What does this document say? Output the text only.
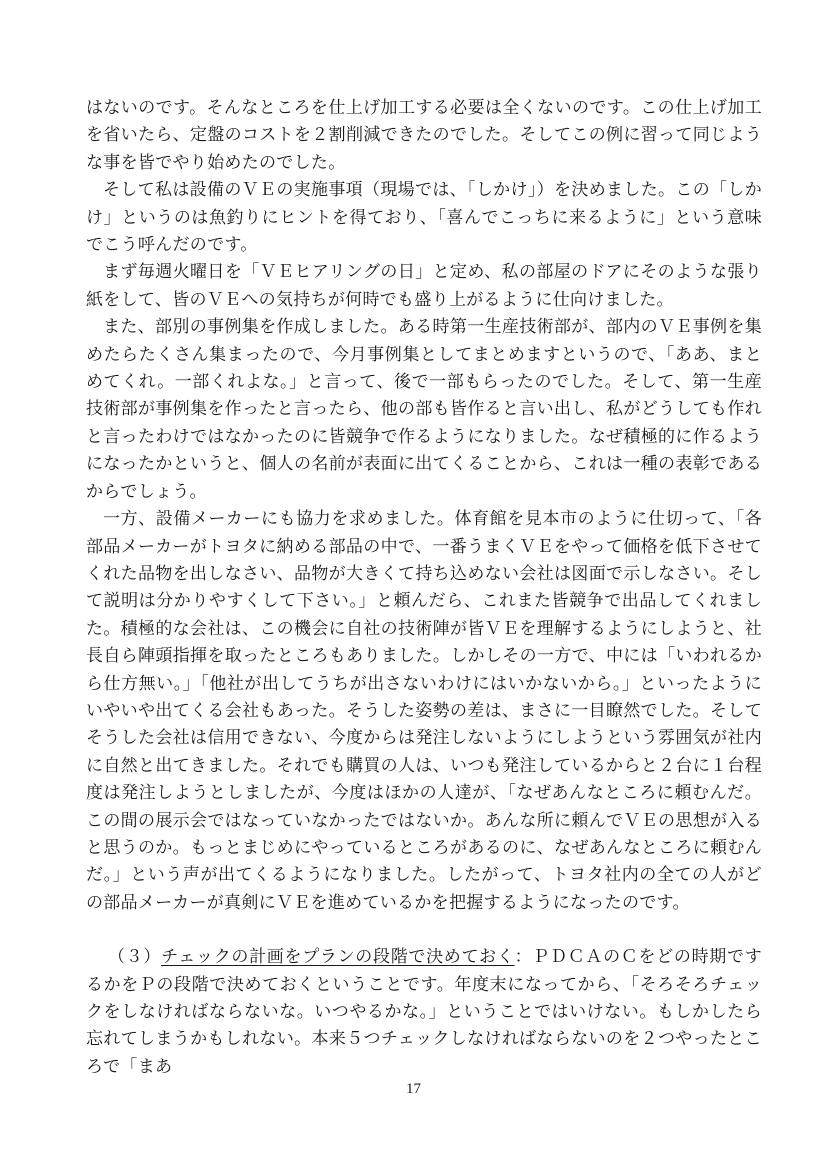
はないのです。そんなところを仕上げ加工する必要は全くないのです。この仕上げ加工を省いたら、定盤のコストを２割削減できたのでした。そしてこの例に習って同じような事を皆でやり始めたのでした。

そして私は設備のＶＥの実施事項（現場では、「しかけ」）を決めました。この「しかけ」というのは魚釣りにヒントを得ており、「喜んでこっちに来るように」という意味でこう呼んだのです。

まず毎週火曜日を「ＶＥヒアリングの日」と定め、私の部屋のドアにそのような張り紙をして、皆のＶＥへの気持ちが何時でも盛り上がるように仕向けました。

また、部別の事例集を作成しました。ある時第一生産技術部が、部内のＶＥ事例を集めたらたくさん集まったので、今月事例集としてまとめますというので、「ああ、まとめてくれ。一部くれよな。」と言って、後で一部もらったのでした。そして、第一生産技術部が事例集を作ったと言ったら、他の部も皆作ると言い出し、私がどうしても作れと言ったわけではなかったのに皆競争で作るようになりました。なぜ積極的に作るようになったかというと、個人の名前が表面に出てくることから、これは一種の表彰であるからでしょう。

一方、設備メーカーにも協力を求めました。体育館を見本市のように仕切って、「各部品メーカーがトヨタに納める部品の中で、一番うまくＶＥをやって価格を低下させてくれた品物を出しなさい、品物が大きくて持ち込めない会社は図面で示しなさい。そして説明は分かりやすくして下さい。」と頼んだら、これまた皆競争で出品してくれました。積極的な会社は、この機会に自社の技術陣が皆ＶＥを理解するようにしようと、社長自ら陣頭指揮を取ったところもありました。しかしその一方で、中には「いわれるから仕方無い。」「他社が出してうちが出さないわけにはいかないから。」といったようにいやいや出てくる会社もあった。そうした姿勢の差は、まさに一目瞭然でした。そしてそうした会社は信用できない、今度からは発注しないようにしようという雰囲気が社内に自然と出てきました。それでも購買の人は、いつも発注しているからと２台に１台程度は発注しようとしましたが、今度はほかの人達が、「なぜあんなところに頼むんだ。この間の展示会ではなっていなかったではないか。あんな所に頼んでＶＥの思想が入ると思うのか。もっとまじめにやっているところがあるのに、なぜあんなところに頼むんだ。」という声が出てくるようになりました。したがって、トヨタ社内の全ての人がどの部品メーカーが真剣にＶＥを進めているかを把握するようになったのです。

（３）チェックの計画をプランの段階で決めておく：ＰＤＣＡのＣをどの時期でするかをＰの段階で決めておくということです。年度末になってから、「そろそろチェックをしなければならないな。いつやるかな。」ということではいけない。もしかしたら忘れてしまうかもしれない。本来５つチェックしなければならないのを２つやったところで「まあ

17
